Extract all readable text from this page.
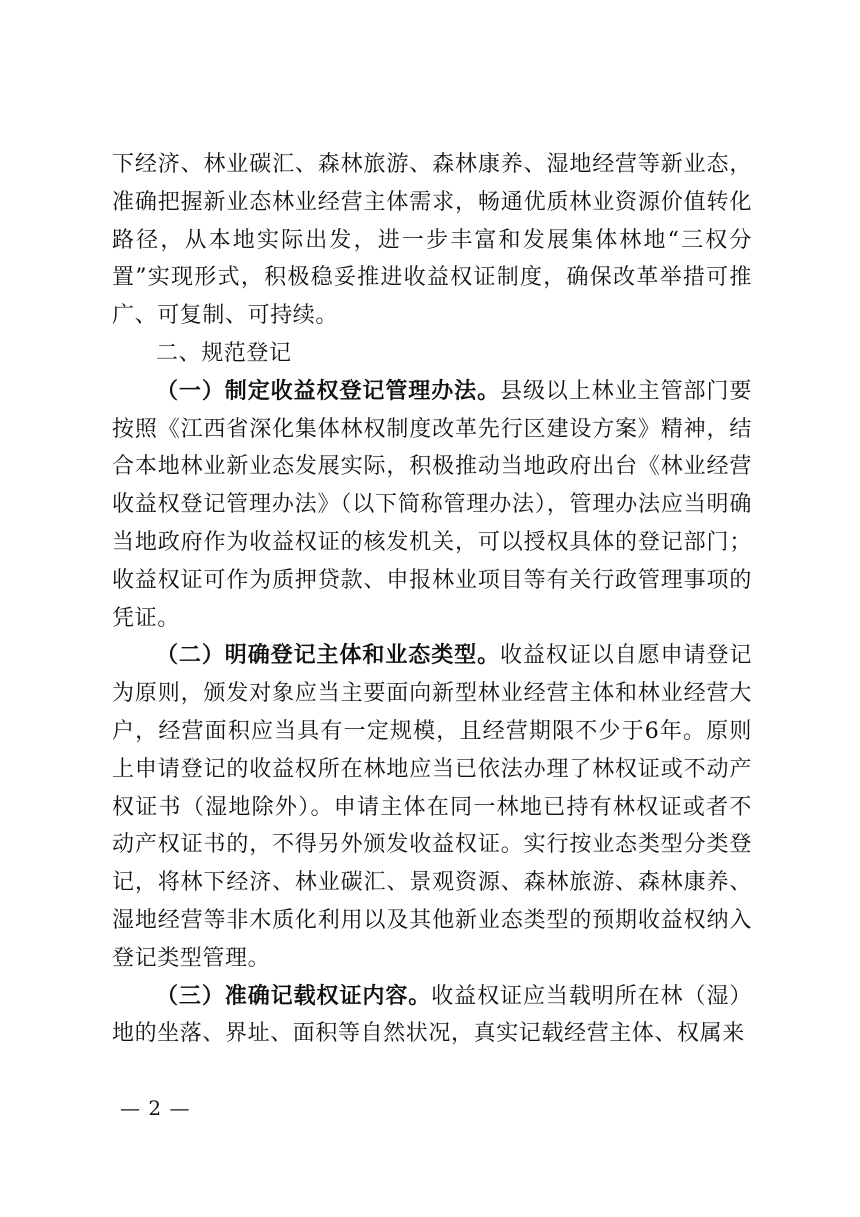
下经济、林业碳汇、森林旅游、森林康养、湿地经营等新业态，准确把握新业态林业经营主体需求，畅通优质林业资源价值转化路径，从本地实际出发，进一步丰富和发展集体林地“三权分置”实现形式，积极稳妥推进收益权证制度，确保改革举措可推广、可复制、可持续。

二、规范登记

（一）制定收益权登记管理办法。县级以上林业主管部门要按照《江西省深化集体林权制度改革先行区建设方案》精神，结合本地林业新业态发展实际，积极推动当地政府出台《林业经营收益权登记管理办法》（以下简称管理办法），管理办法应当明确当地政府作为收益权证的核发机关，可以授权具体的登记部门；收益权证可作为质押贷款、申报林业项目等有关行政管理事项的凭证。

（二）明确登记主体和业态类型。收益权证以自愿申请登记为原则，颁发对象应当主要面向新型林业经营主体和林业经营大户，经营面积应当具有一定规模，且经营期限不少于6年。原则上申请登记的收益权所在林地应当已依法办理了林权证或不动产权证书（湿地除外）。申请主体在同一林地已持有林权证或者不动产权证书的，不得另外颁发收益权证。实行按业态类型分类登记，将林下经济、林业碳汇、景观资源、森林旅游、森林康养、湿地经营等非木质化利用以及其他新业态类型的预期收益权纳入登记类型管理。

（三）准确记载权证内容。收益权证应当载明所在林（湿）地的坐落、界址、面积等自然状况，真实记载经营主体、权属来

— 2 —
